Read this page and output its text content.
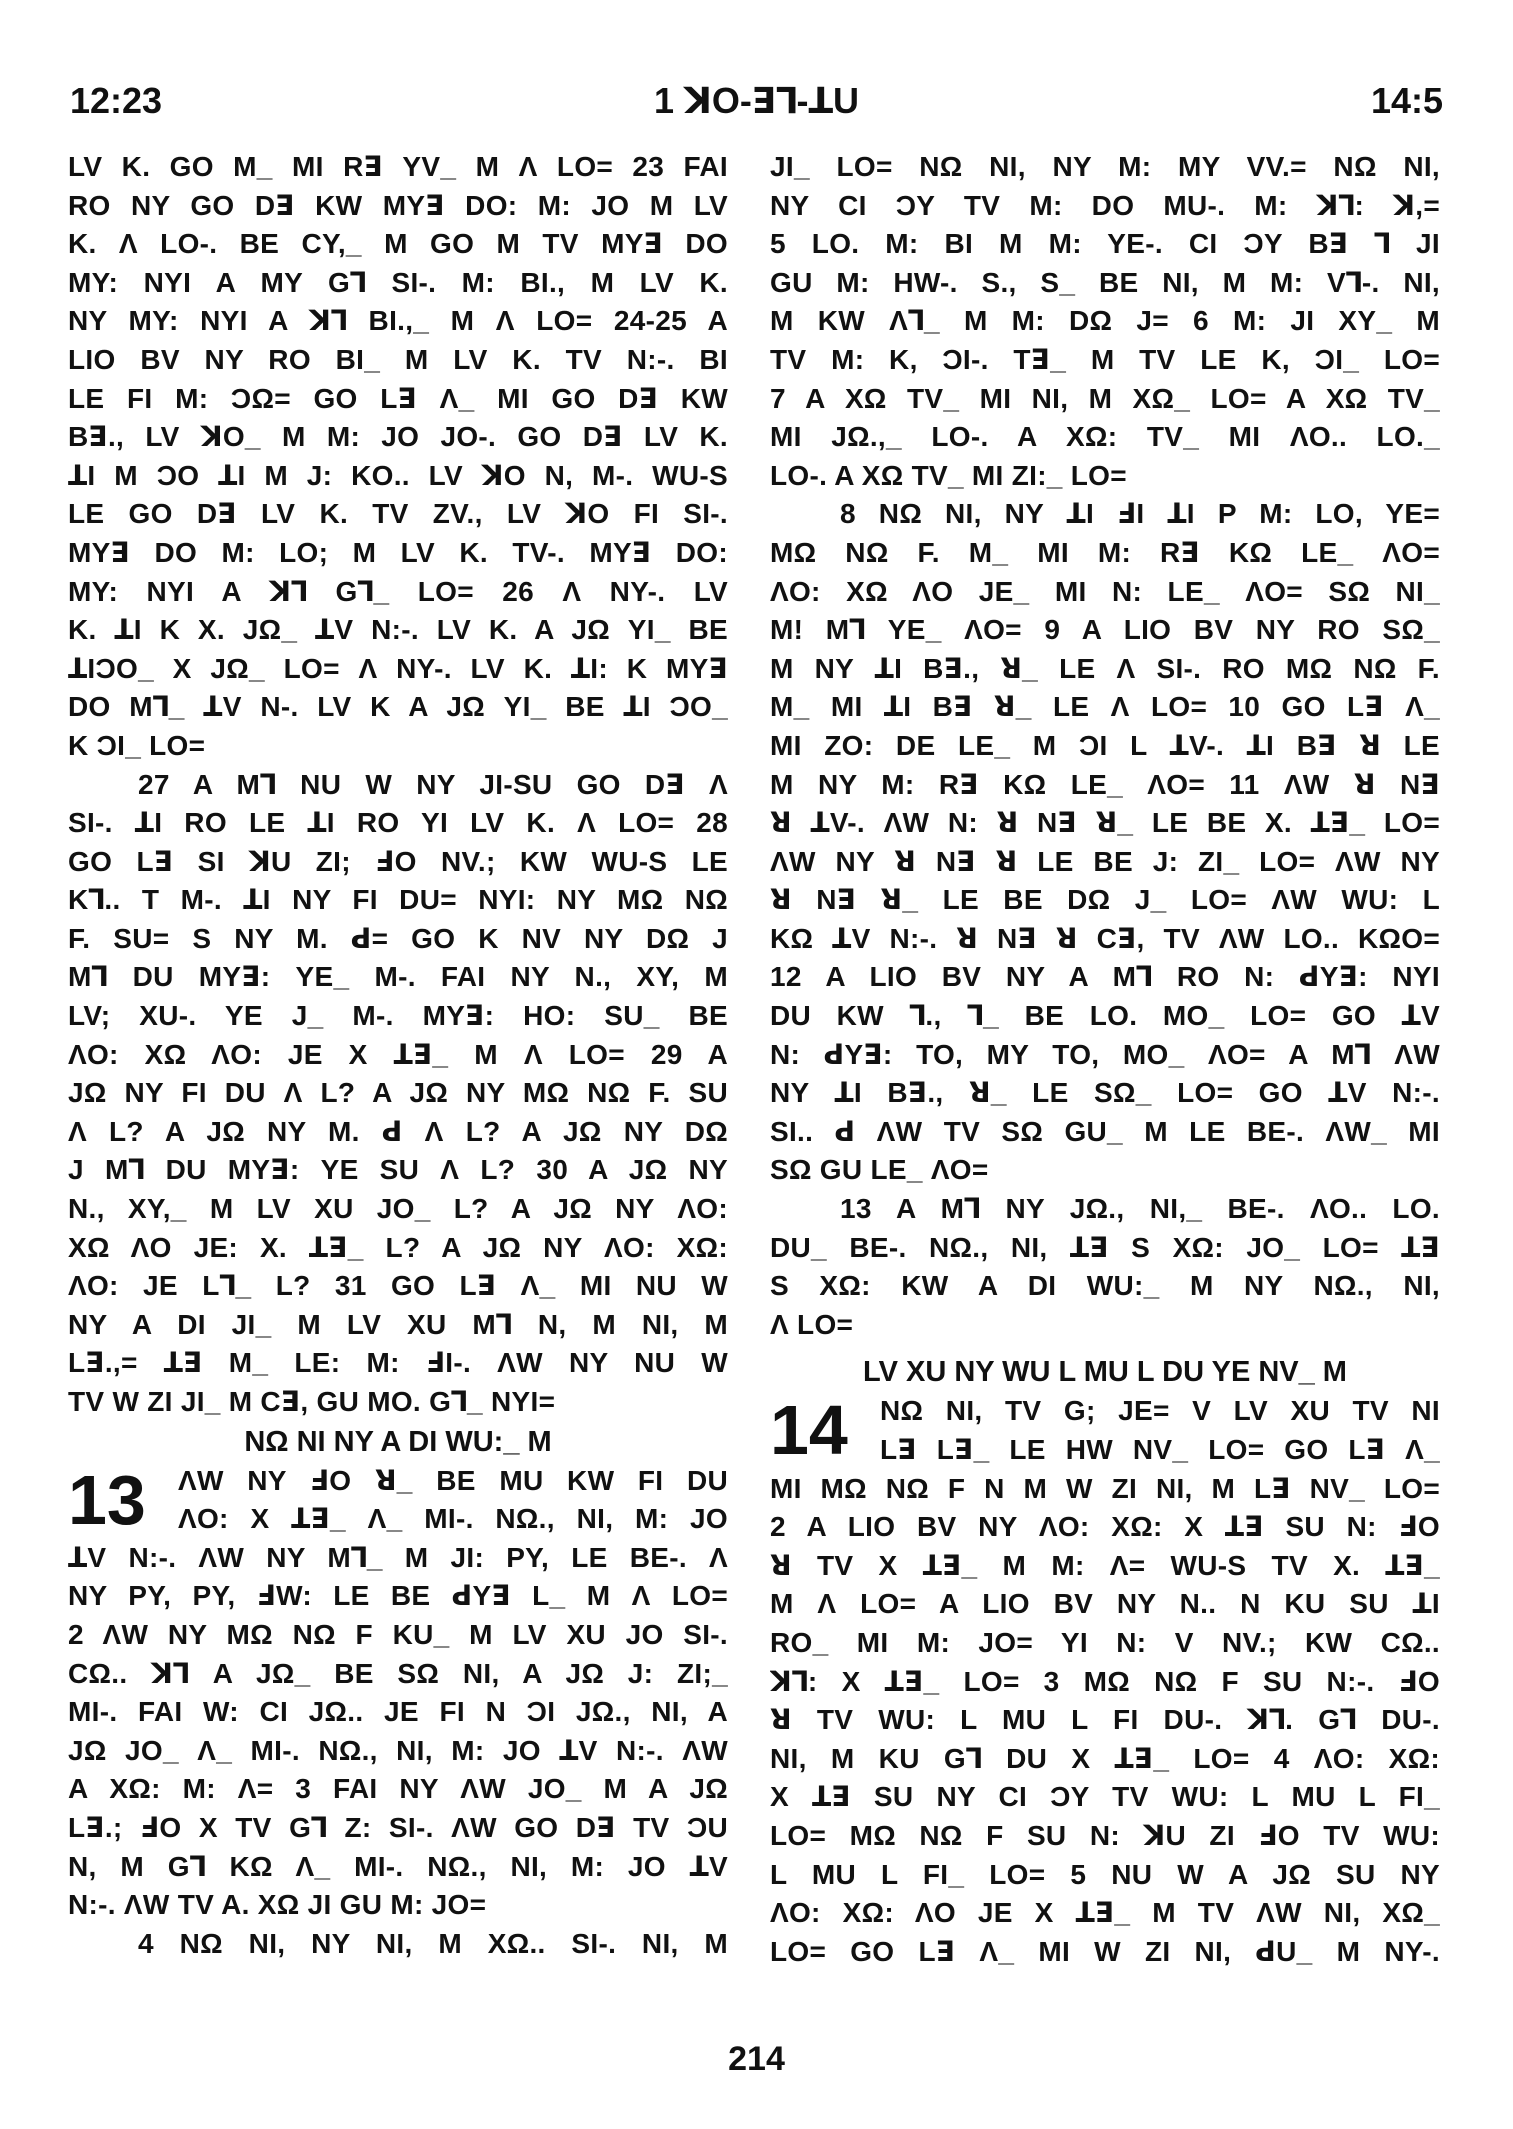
12:23	1 ꓘO-ꓱꓶ-ꓕU	14:5
LV K. GO M_ MI Rꓱ YV_ M Λ LO= 23 FAI
RO NY GO Dꓱ KW MYꓱ DO: M: JO M LV
K. Λ LO-. BE CY,_ M GO M TV MYꓱ DO
MY: NYI A MY Gꓶ SI-. M: BI., M LV K.
NY MY: NYI A ꓘꓶ BI.,_ M Λ LO= 24-25 A
LIO BV NY RO BI_ M LV K. TV N:-. BI
LE FI M: ƆΩ= GO Lꓱ Λ_ MI GO Dꓱ KW
Bꓱ., LV ꓘO_ M M: JO JO-. GO Dꓱ LV K.
ꓕI M ƆO ꓕI M J: KO.. LV ꓘO N, M-. WU-S
LE GO Dꓱ LV K. TV ZV., LV ꓘO FI SI-.
MYꓱ DO M: LO; M LV K. TV-. MYꓱ DO:
MY: NYI A ꓘꓶ Gꓶ_ LO= 26 Λ NY-. LV
K. ꓕI K X. JΩ_ ꓕV N:-. LV K. A JΩ YI_ BE
ꓕIƆO_ X JΩ_ LO= Λ NY-. LV K. ꓕI: K MYꓱ
DO Mꓶ_ ꓕV N-. LV K A JΩ YI_ BE ꓕI ƆO_
K ƆI_ LO=
27 A Mꓶ NU W NY JI-SU GO Dꓱ Λ
SI-. ꓕI RO LE ꓕI RO YI LV K. Λ LO= 28
GO Lꓱ SI ꓘU ZI; ꓞO NV.; KW WU-S LE
Kꓶ.. T M-. ꓕI NY FI DU= NYI: NY MΩ NΩ
F. SU= S NY M. ꓒ= GO K NV NY DΩ J
Mꓶ DU MYꓱ: YE_ M-. FAI NY N., XY, M
LV; XU-. YE J_ M-. MYꓱ: HO: SU_ BE
ΛO: XΩ ΛO: JE X ꓕꓱ_ M Λ LO= 29 A
JΩ NY FI DU Λ L? A JΩ NY MΩ NΩ F. SU
Λ L? A JΩ NY M. ꓒ Λ L? A JΩ NY DΩ
J Mꓶ DU MYꓱ: YE SU Λ L? 30 A JΩ NY
N., XY,_ M LV XU JO_ L? A JΩ NY ΛO:
XΩ ΛO JE: X. ꓕꓱ_ L? A JΩ NY ΛO: XΩ:
ΛO: JE Lꓶ_ L? 31 GO Lꓱ Λ_ MI NU W
NY A DI JI_ M LV XU Mꓶ N, M NI, M
Lꓱ.,= ꓕꓱ M_ LE: M: ꓞI-. ΛW NY NU W
TV W ZI JI_ M Cꓱ, GU MO. Gꓶ_ NYI=
NΩ NI NY A DI WU:_ M
13 ΛW NY ꓞO ꓤ_ BE MU KW FI DU
ΛO: X ꓕꓱ_ Λ_ MI-. NΩ., NI, M: JO
ꓕV N:-. ΛW NY Mꓶ_ M JI: PY, LE BE-. Λ
NY PY, PY, ꓞW: LE BE ꓒYꓱ L_ M Λ LO=
2 ΛW NY MΩ NΩ F KU_ M LV XU JO SI-.
CΩ.. ꓘꓶ A JΩ_ BE SΩ NI, A JΩ J: ZI;_
MI-. FAI W: CI JΩ.. JE FI N ƆI JΩ., NI, A
JΩ JO_ Λ_ MI-. NΩ., NI, M: JO ꓕV N:-. ΛW
A XΩ: M: Λ= 3 FAI NY ΛW JO_ M A JΩ
Lꓱ.; ꓞO X TV Gꓶ Z: SI-. ΛW GO Dꓱ TV ƆU
N, M Gꓶ KΩ Λ_ MI-. NΩ., NI, M: JO ꓕV
N:-. ΛW TV A. XΩ JI GU M: JO=
4 NΩ NI, NY NI, M XΩ.. SI-. NI, M
JI_ LO= NΩ NI, NY M: MY VV.= NΩ NI,
NY CI ƆY TV M: DO MU-. M: ꓘꓶ: ꓘ,=
5 LO. M: BI M M: YE-. CI ƆY Bꓱ ꓶ JI
GU M: HW-. S., S_ BE NI, M M: Vꓶ-. NI,
M KW Λꓶ_ M M: DΩ J= 6 M: JI XY_ M
TV M: K, ƆI-. Tꓱ_ M TV LE K, ƆI_ LO=
7 A XΩ TV_ MI NI, M XΩ_ LO= A XΩ TV_
MI JΩ.,_ LO-. A XΩ: TV_ MI ΛO.. LO._
LO-. A XΩ TV_ MI ZI:_ LO=
8 NΩ NI, NY ꓕI ꓞI ꓕI P M: LO, YE=
MΩ NΩ F. M_ MI M: Rꓱ KΩ LE_ ΛO=
ΛO: XΩ ΛO JE_ MI N: LE_ ΛO= SΩ NI_
M! Mꓶ YE_ ΛO= 9 A LIO BV NY RO SΩ_
M NY ꓕI Bꓱ., ꓤ_ LE Λ SI-. RO MΩ NΩ F.
M_ MI ꓕI Bꓱ ꓤ_ LE Λ LO= 10 GO Lꓱ Λ_
MI ZO: DE LE_ M ƆI L ꓕV-. ꓕI Bꓱ ꓤ LE
M NY M: Rꓱ KΩ LE_ ΛO= 11 ΛW ꓤ Nꓱ
ꓤ ꓕV-. ΛW N: ꓤ Nꓱ ꓤ_ LE BE X. ꓕꓱ_ LO=
ΛW NY ꓤ Nꓱ ꓤ LE BE J: ZI_ LO= ΛW NY
ꓤ Nꓱ ꓤ_ LE BE DΩ J_ LO= ΛW WU: L
KΩ ꓕV N:-. ꓤ Nꓱ ꓤ Cꓱ, TV ΛW LO.. KΩO=
12 A LIO BV NY A Mꓶ RO N: ꓒYꓱ: NYI
DU KW ꓶ., ꓶ_ BE LO. MO_ LO= GO ꓕV
N: ꓒYꓱ: TO, MY TO, MO_ ΛO= A Mꓶ ΛW
NY ꓕI Bꓱ., ꓤ_ LE SΩ_ LO= GO ꓕV N:-.
SI.. ꓒ ΛW TV SΩ GU_ M LE BE-. ΛW_ MI
SΩ GU LE_ ΛO=
13 A Mꓶ NY JΩ., NI,_ BE-. ΛO.. LO.
DU_ BE-. NΩ., NI, ꓕꓱ S XΩ: JO_ LO= ꓕꓱ
S XΩ: KW A DI WU:_ M NY NΩ., NI,
Λ LO=
LV XU NY WU L MU L DU YE NV_ M
14 NΩ NI, TV G; JE= V LV XU TV NI
Lꓱ Lꓱ_ LE HW NV_ LO= GO Lꓱ Λ_
MI MΩ NΩ F N M W ZI NI, M Lꓱ NV_ LO=
2 A LIO BV NY ΛO: XΩ: X ꓕꓱ SU N: ꓞO
ꓤ TV X ꓕꓱ_ M M: Λ= WU-S TV X. ꓕꓱ_
M Λ LO= A LIO BV NY N.. N KU SU ꓕI
RO_ MI M: JO= YI N: V NV.; KW CΩ..
ꓘꓶ: X ꓕꓱ_ LO= 3 MΩ NΩ F SU N:-. ꓞO
ꓤ TV WU: L MU L FI DU-. ꓘꓶ. Gꓶ DU-.
NI, M KU Gꓶ DU X ꓕꓱ_ LO= 4 ΛO: XΩ:
X ꓕꓱ SU NY CI ƆY TV WU: L MU L FI_
LO= MΩ NΩ F SU N: ꓘU ZI ꓞO TV WU:
L MU L FI_ LO= 5 NU W A JΩ SU NY
ΛO: XΩ: ΛO JE X ꓕꓱ_ M TV ΛW NI, XΩ_
LO= GO Lꓱ Λ_ MI W ZI NI, ꓒU_ M NY-.
214
